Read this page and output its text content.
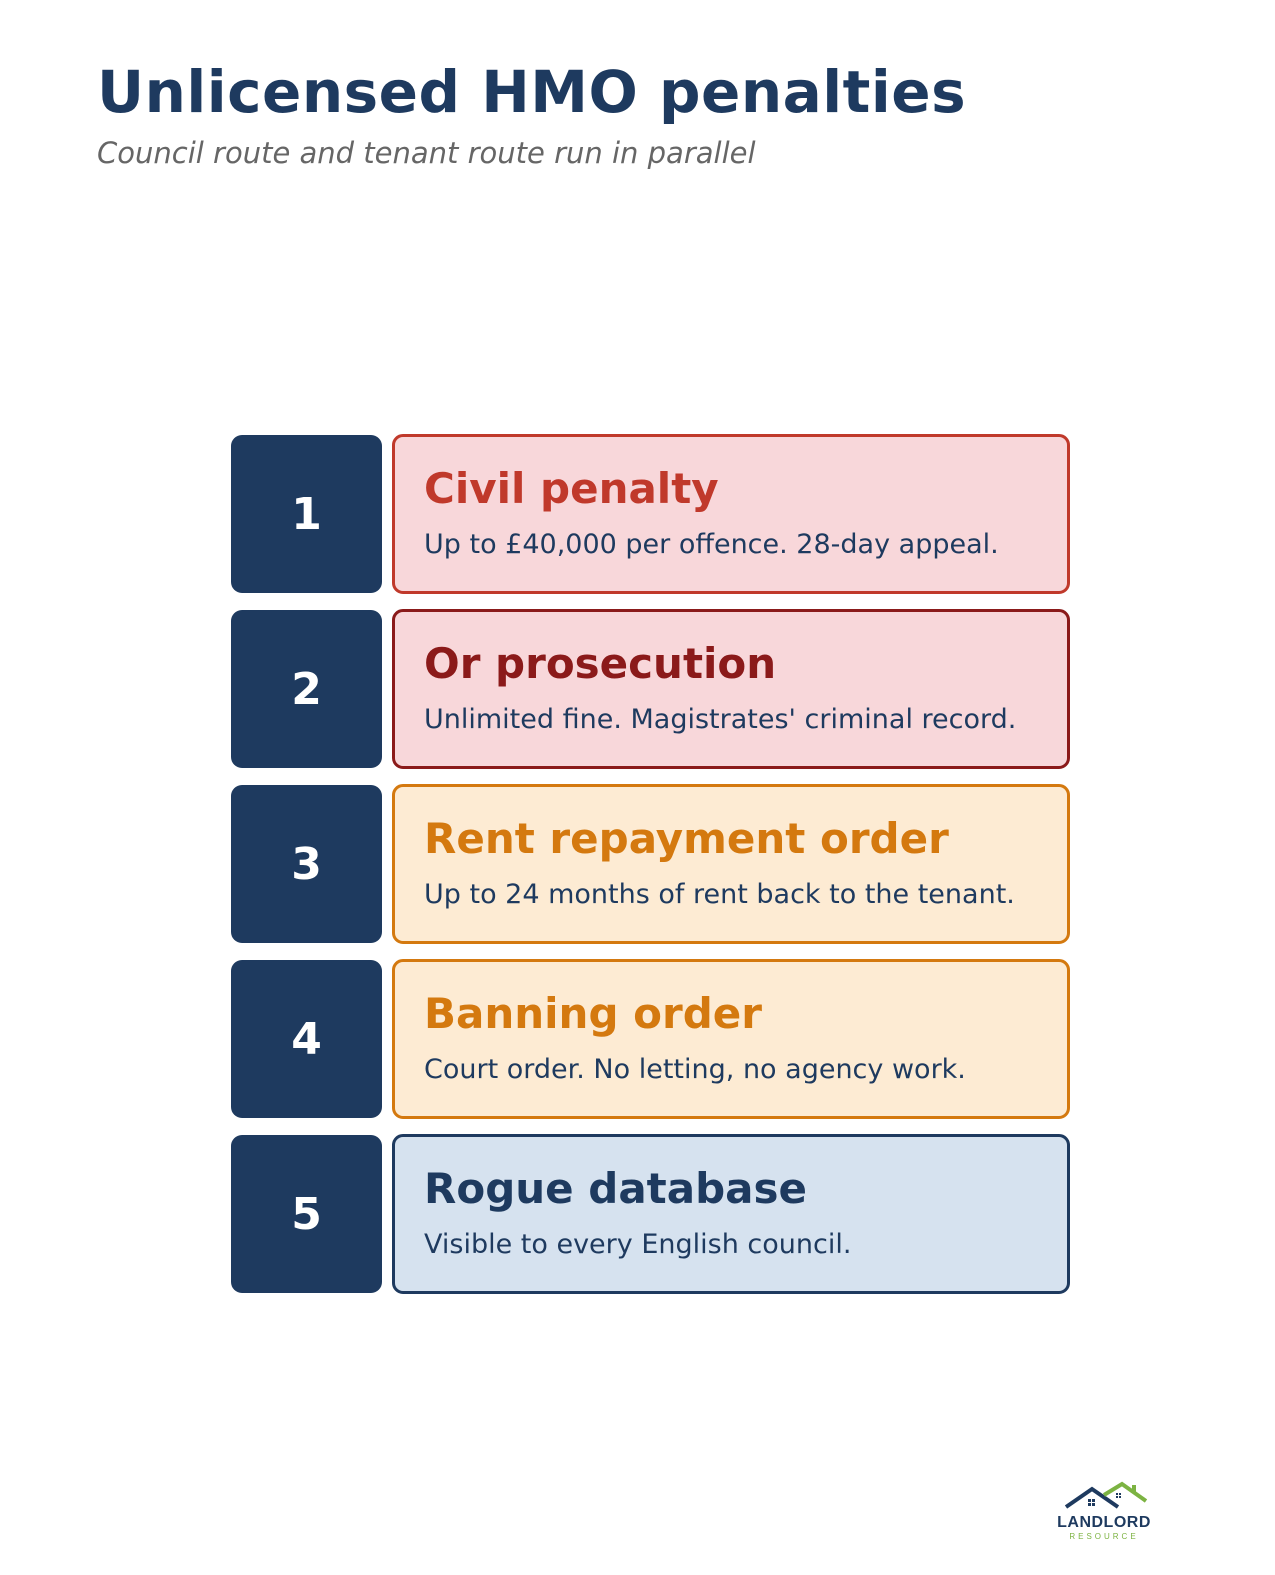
Unlicensed HMO penalties
Council route and tenant route run in parallel
1 Civil penalty
Up to £40,000 per offence. 28-day appeal.
2 Or prosecution
Unlimited fine. Magistrates' criminal record.
3 Rent repayment order
Up to 24 months of rent back to the tenant.
4 Banning order
Court order. No letting, no agency work.
5 Rogue database
Visible to every English council.
LANDLORD
RESOURCE
